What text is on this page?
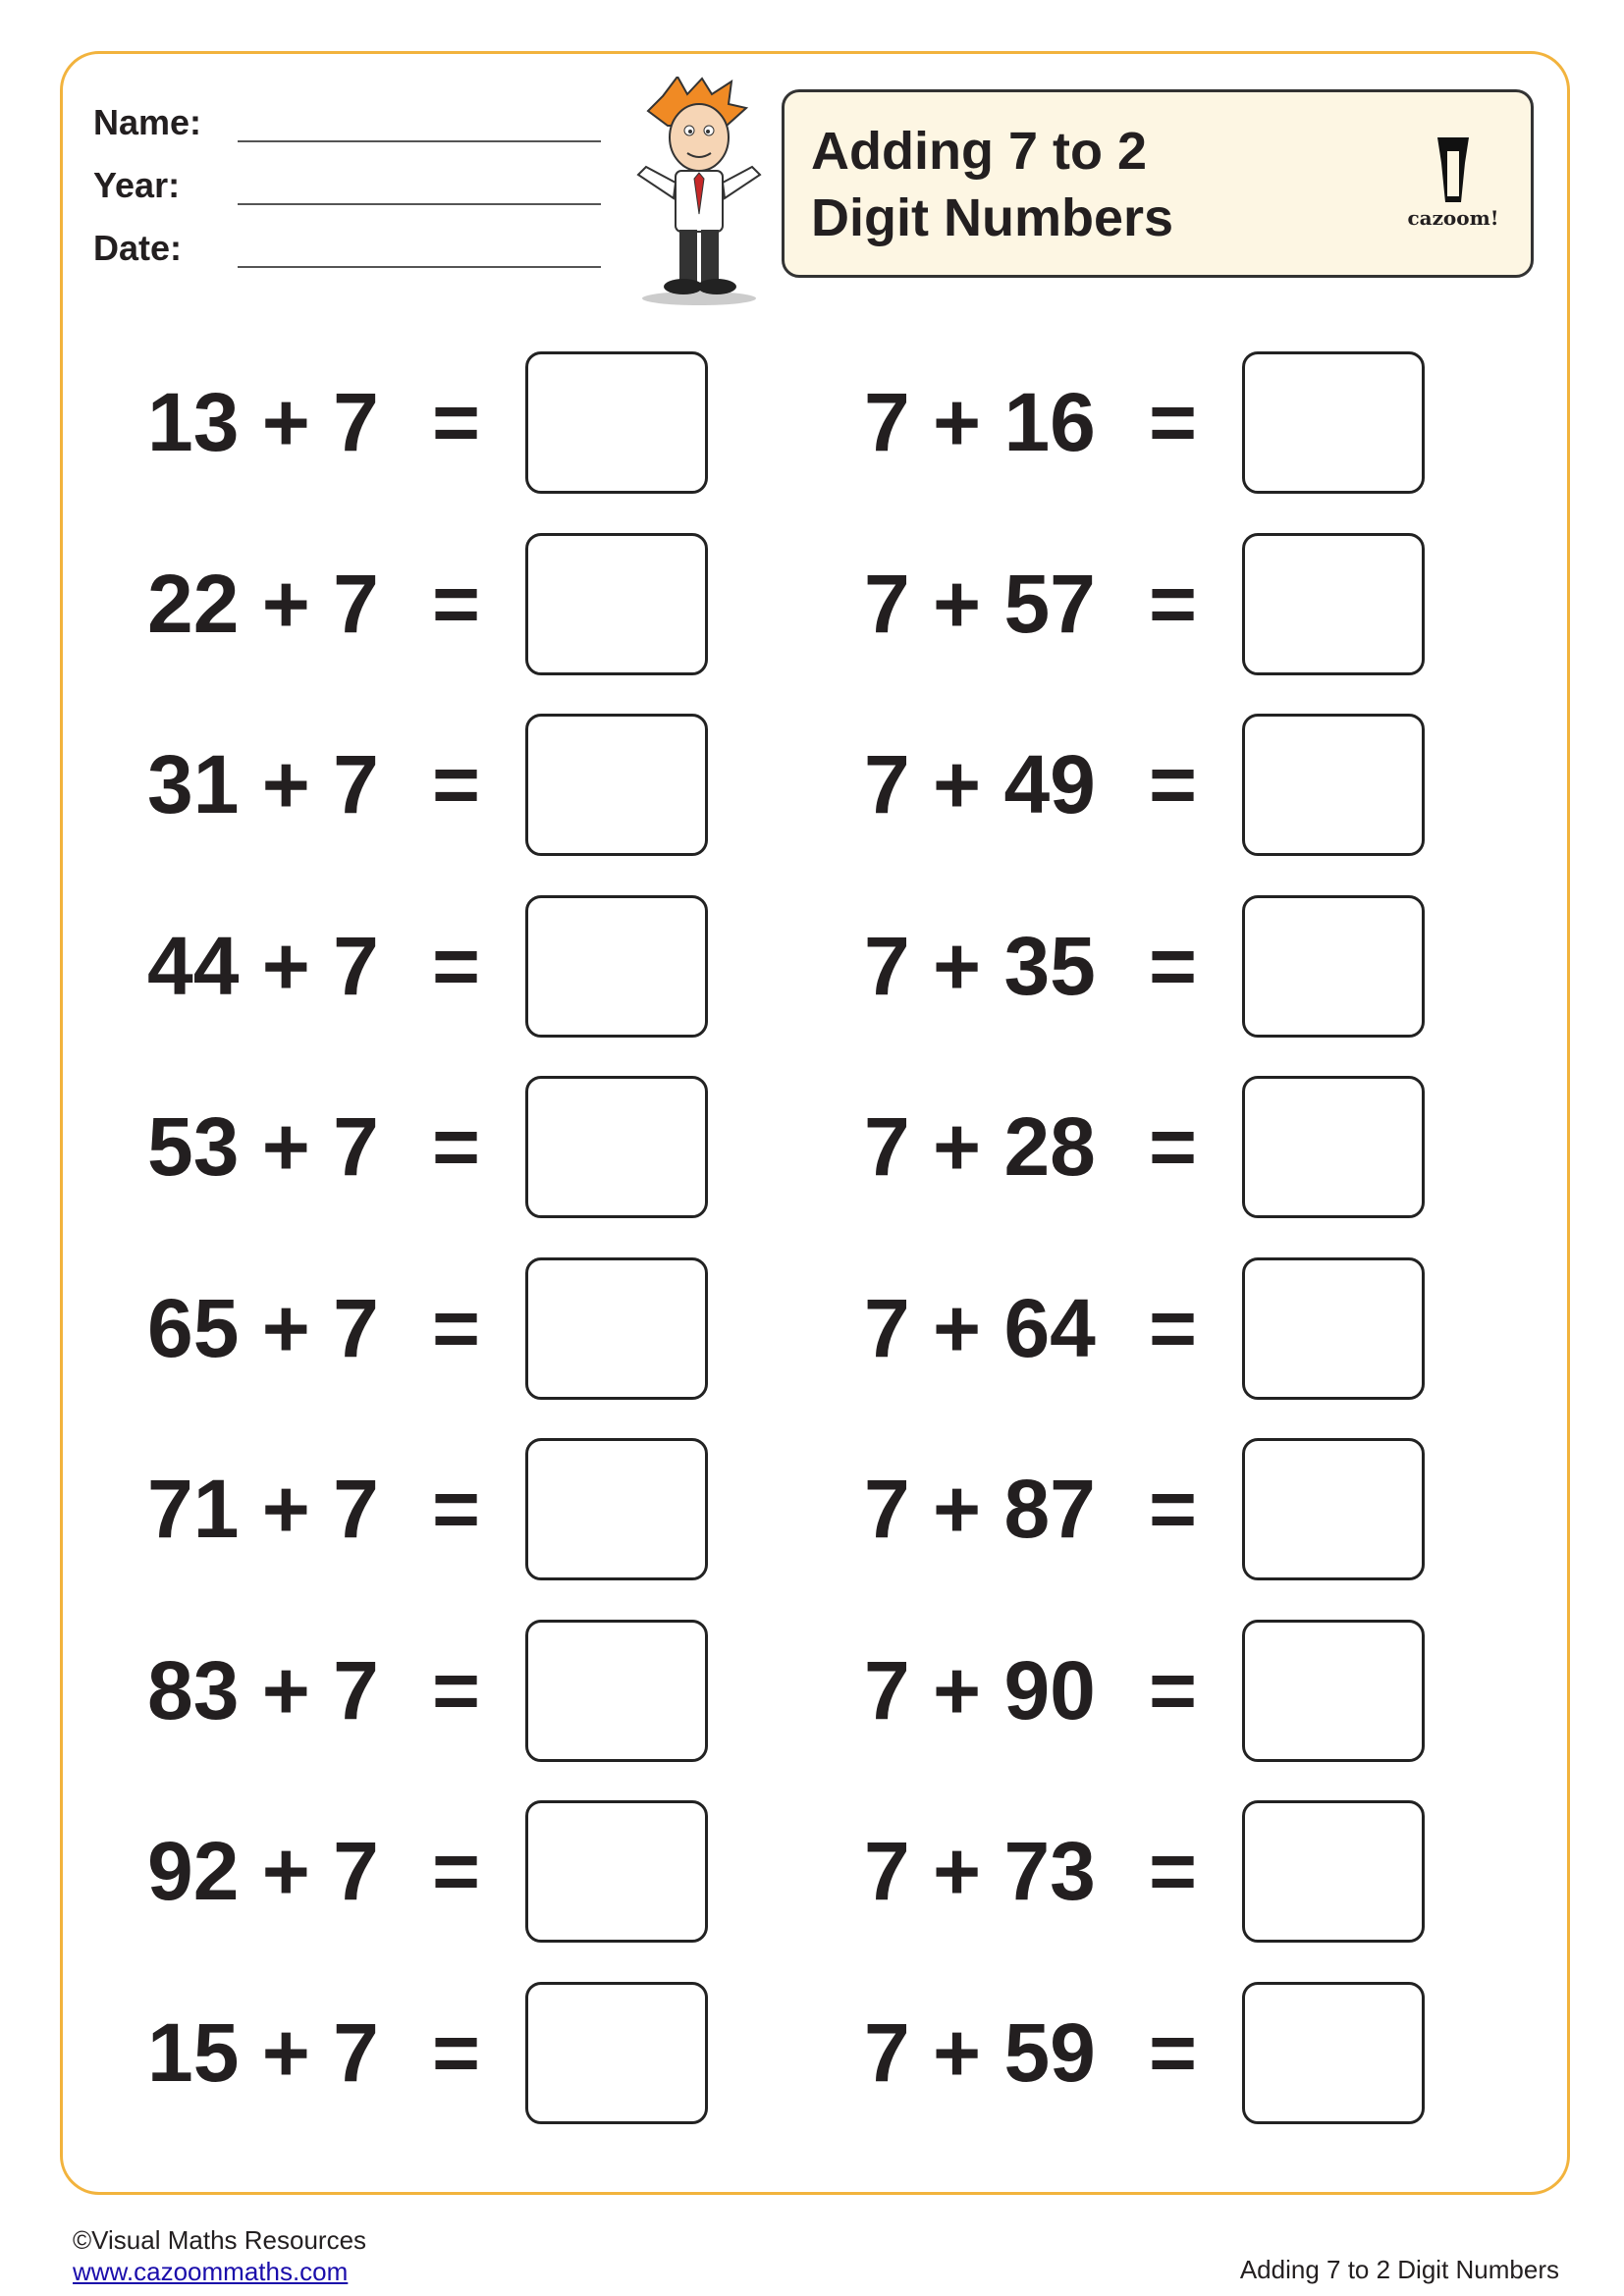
Name:
Year:
Date:
Adding 7 to 2
Digit Numbers	cazoom!
13 + 7 =
22 + 7 =
31 + 7 =
44 + 7 =
53 + 7 =
65 + 7 =
71 + 7 =
83 + 7 =
92 + 7 =
15 + 7 =
7 + 16 =
7 + 57 =
7 + 49 =
7 + 35 =
7 + 28 =
7 + 64 =
7 + 87 =
7 + 90 =
7 + 73 =
7 + 59 =
©Visual Maths Resources
www.cazoommaths.com	Adding 7 to 2 Digit Numbers
